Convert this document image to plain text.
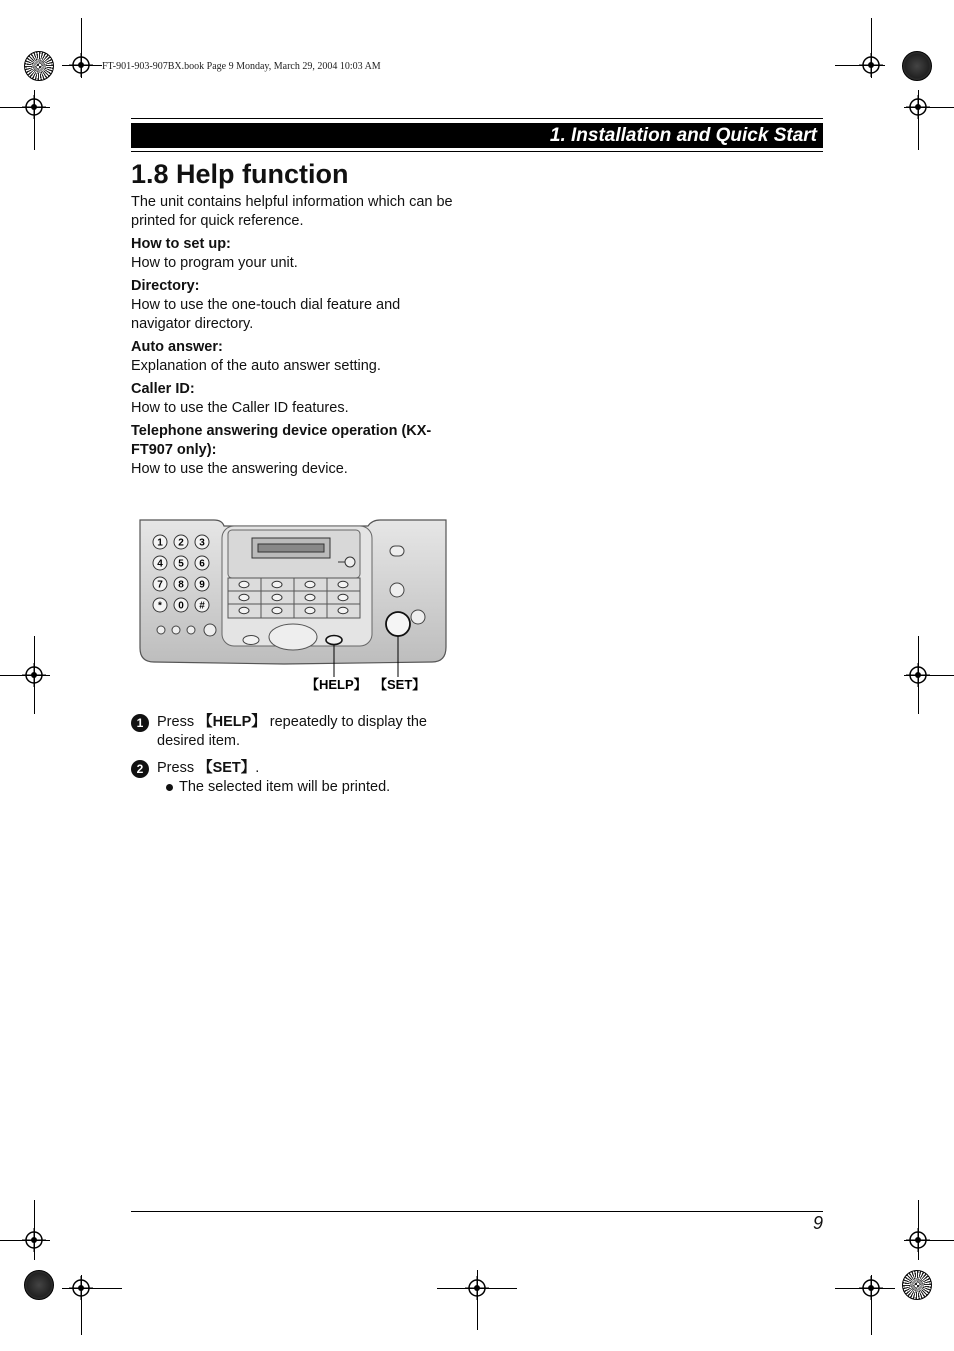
FT-901-903-907BX.book Page 9 Monday, March 29, 2004 10:03 AM
1. Installation and Quick Start
1.8 Help function

The unit contains helpful information which can be printed for quick reference.

How to set up:

How to program your unit.

Directory:

How to use the one-touch dial feature and navigator directory.

Auto answer:

Explanation of the auto answer setting.

Caller ID:

How to use the Caller ID features.

Telephone answering device operation (KX-FT907 only):

How to use the answering device.

1 2 3
4 5 6
7 8 9
* 0 #
【HELP】 【SET】
1 Press 【HELP】 repeatedly to display the desired item.
2 Press 【SET】.
The selected item will be printed.
9
